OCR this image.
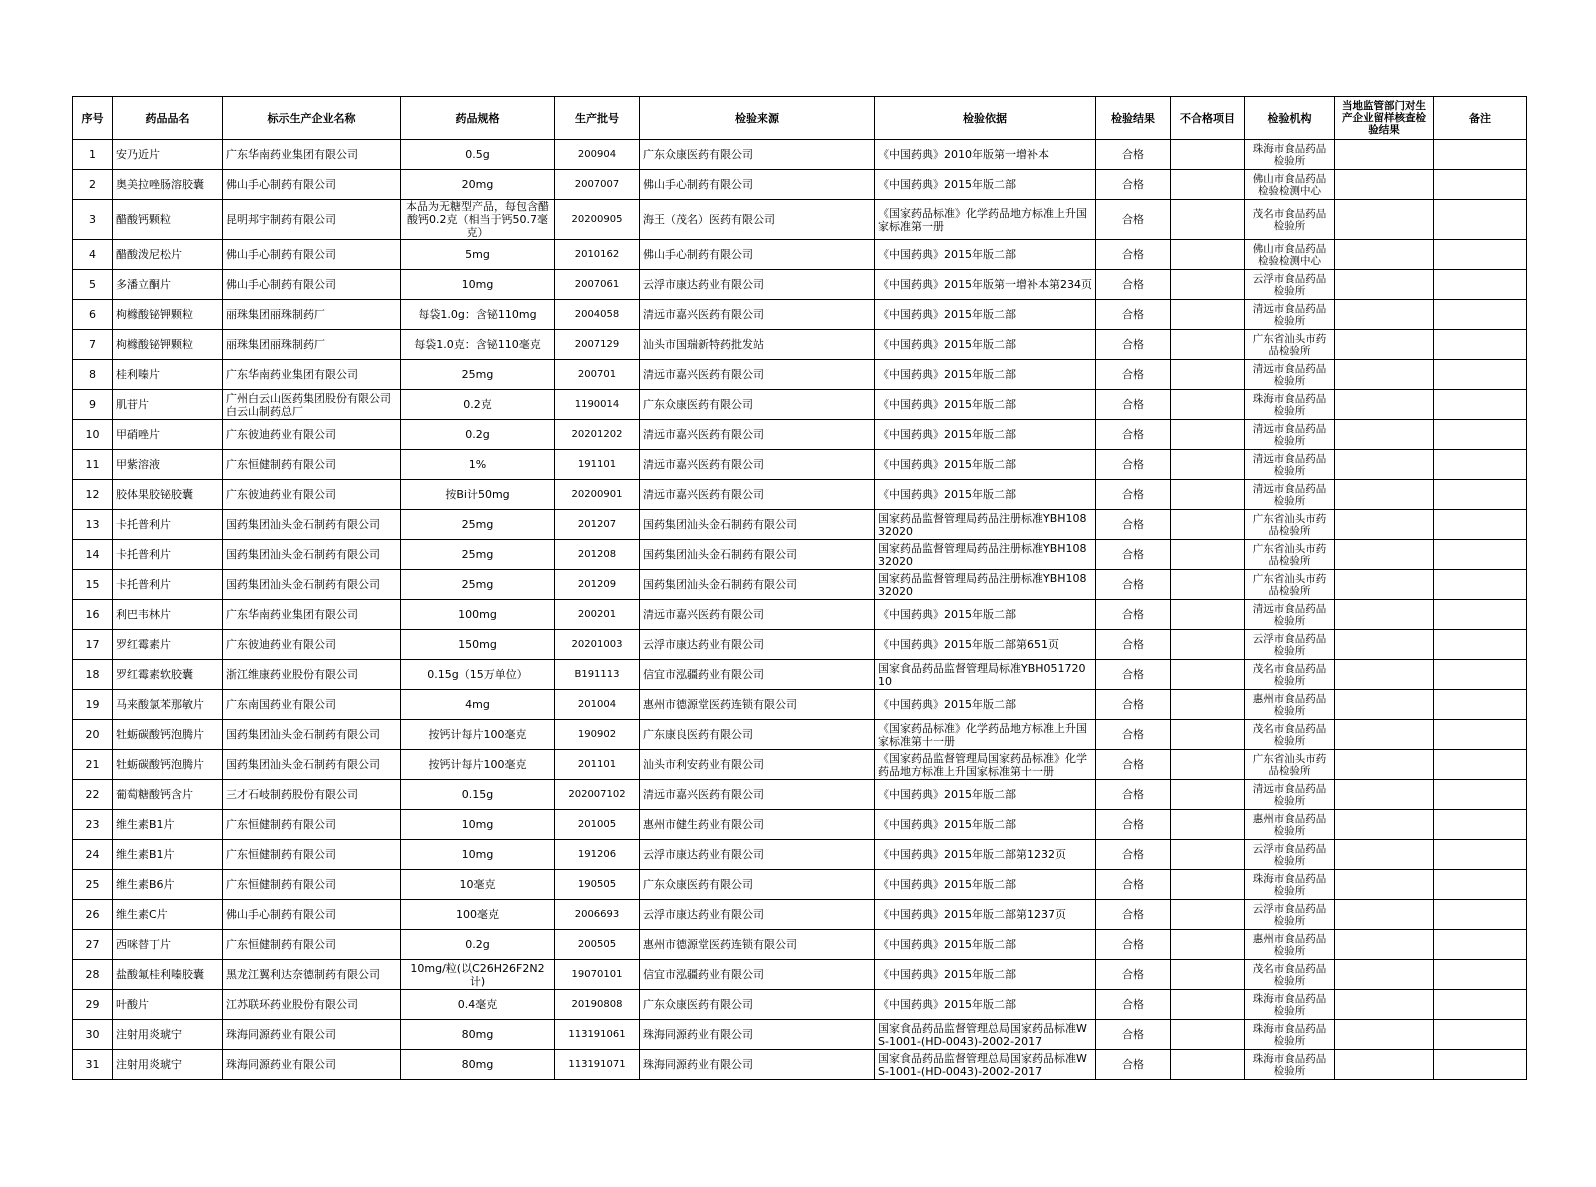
序号	药品品名	标示生产企业名称	药品规格	生产批号	检验来源	检验依据	检验结果	不合格项目	检验机构	当地监管部门对生产企业留样核查检验结果	备注
1	安乃近片	广东华南药业集团有限公司	0.5g	200904	广东众康医药有限公司	《中国药典》2010年版第一增补本	合格		珠海市食品药品检验所		
2	奥美拉唑肠溶胶囊	佛山手心制药有限公司	20mg	2007007	佛山手心制药有限公司	《中国药典》2015年版二部	合格		佛山市食品药品检验检测中心		
3	醋酸钙颗粒	昆明邦宇制药有限公司	本品为无糖型产品，每包含醋酸钙0.2克（相当于钙50.7毫克）	20200905	海王（茂名）医药有限公司	《国家药品标准》化学药品地方标准上升国家标准第一册	合格		茂名市食品药品检验所		
4	醋酸泼尼松片	佛山手心制药有限公司	5mg	2010162	佛山手心制药有限公司	《中国药典》2015年版二部	合格		佛山市食品药品检验检测中心		
5	多潘立酮片	佛山手心制药有限公司	10mg	2007061	云浮市康达药业有限公司	《中国药典》2015年版第一增补本第234页	合格		云浮市食品药品检验所		
6	枸橼酸铋钾颗粒	丽珠集团丽珠制药厂	每袋1.0g：含铋110mg	2004058	清远市嘉兴医药有限公司	《中国药典》2015年版二部	合格		清远市食品药品检验所		
7	枸橼酸铋钾颗粒	丽珠集团丽珠制药厂	每袋1.0克：含铋110毫克	2007129	汕头市国瑞新特药批发站	《中国药典》2015年版二部	合格		广东省汕头市药品检验所		
8	桂利嗪片	广东华南药业集团有限公司	25mg	200701	清远市嘉兴医药有限公司	《中国药典》2015年版二部	合格		清远市食品药品检验所		
9	肌苷片	广州白云山医药集团股份有限公司白云山制药总厂	0.2克	1190014	广东众康医药有限公司	《中国药典》2015年版二部	合格		珠海市食品药品检验所		
10	甲硝唑片	广东彼迪药业有限公司	0.2g	20201202	清远市嘉兴医药有限公司	《中国药典》2015年版二部	合格		清远市食品药品检验所		
11	甲紫溶液	广东恒健制药有限公司	1%	191101	清远市嘉兴医药有限公司	《中国药典》2015年版二部	合格		清远市食品药品检验所		
12	胶体果胶铋胶囊	广东彼迪药业有限公司	按Bi计50mg	20200901	清远市嘉兴医药有限公司	《中国药典》2015年版二部	合格		清远市食品药品检验所		
13	卡托普利片	国药集团汕头金石制药有限公司	25mg	201207	国药集团汕头金石制药有限公司	国家药品监督管理局药品注册标准YBH10832020	合格		广东省汕头市药品检验所		
14	卡托普利片	国药集团汕头金石制药有限公司	25mg	201208	国药集团汕头金石制药有限公司	国家药品监督管理局药品注册标准YBH10832020	合格		广东省汕头市药品检验所		
15	卡托普利片	国药集团汕头金石制药有限公司	25mg	201209	国药集团汕头金石制药有限公司	国家药品监督管理局药品注册标准YBH10832020	合格		广东省汕头市药品检验所		
16	利巴韦林片	广东华南药业集团有限公司	100mg	200201	清远市嘉兴医药有限公司	《中国药典》2015年版二部	合格		清远市食品药品检验所		
17	罗红霉素片	广东彼迪药业有限公司	150mg	20201003	云浮市康达药业有限公司	《中国药典》2015年版二部第651页	合格		云浮市食品药品检验所		
18	罗红霉素软胶囊	浙江维康药业股份有限公司	0.15g（15万单位）	B191113	信宜市泓疆药业有限公司	国家食品药品监督管理局标准YBH05172010	合格		茂名市食品药品检验所		
19	马来酸氯苯那敏片	广东南国药业有限公司	4mg	201004	惠州市德源堂医药连锁有限公司	《中国药典》2015年版二部	合格		惠州市食品药品检验所		
20	牡蛎碳酸钙泡腾片	国药集团汕头金石制药有限公司	按钙计每片100毫克	190902	广东康良医药有限公司	《国家药品标准》化学药品地方标准上升国家标准第十一册	合格		茂名市食品药品检验所		
21	牡蛎碳酸钙泡腾片	国药集团汕头金石制药有限公司	按钙计每片100毫克	201101	汕头市利安药业有限公司	《国家药品监督管理局国家药品标准》化学药品地方标准上升国家标准第十一册	合格		广东省汕头市药品检验所		
22	葡萄糖酸钙含片	三才石岐制药股份有限公司	0.15g	202007102	清远市嘉兴医药有限公司	《中国药典》2015年版二部	合格		清远市食品药品检验所		
23	维生素B1片	广东恒健制药有限公司	10mg	201005	惠州市健生药业有限公司	《中国药典》2015年版二部	合格		惠州市食品药品检验所		
24	维生素B1片	广东恒健制药有限公司	10mg	191206	云浮市康达药业有限公司	《中国药典》2015年版二部第1232页	合格		云浮市食品药品检验所		
25	维生素B6片	广东恒健制药有限公司	10毫克	190505	广东众康医药有限公司	《中国药典》2015年版二部	合格		珠海市食品药品检验所		
26	维生素C片	佛山手心制药有限公司	100毫克	2006693	云浮市康达药业有限公司	《中国药典》2015年版二部第1237页	合格		云浮市食品药品检验所		
27	西咪替丁片	广东恒健制药有限公司	0.2g	200505	惠州市德源堂医药连锁有限公司	《中国药典》2015年版二部	合格		惠州市食品药品检验所		
28	盐酸氟桂利嗪胶囊	黑龙江翼利达奈德制药有限公司	10mg/粒(以C26H26F2N2计)	19070101	信宜市泓疆药业有限公司	《中国药典》2015年版二部	合格		茂名市食品药品检验所		
29	叶酸片	江苏联环药业股份有限公司	0.4毫克	20190808	广东众康医药有限公司	《中国药典》2015年版二部	合格		珠海市食品药品检验所		
30	注射用炎琥宁	珠海同源药业有限公司	80mg	113191061	珠海同源药业有限公司	国家食品药品监督管理总局国家药品标准WS-1001-(HD-0043)-2002-2017	合格		珠海市食品药品检验所		
31	注射用炎琥宁	珠海同源药业有限公司	80mg	113191071	珠海同源药业有限公司	国家食品药品监督管理总局国家药品标准WS-1001-(HD-0043)-2002-2017	合格		珠海市食品药品检验所		
